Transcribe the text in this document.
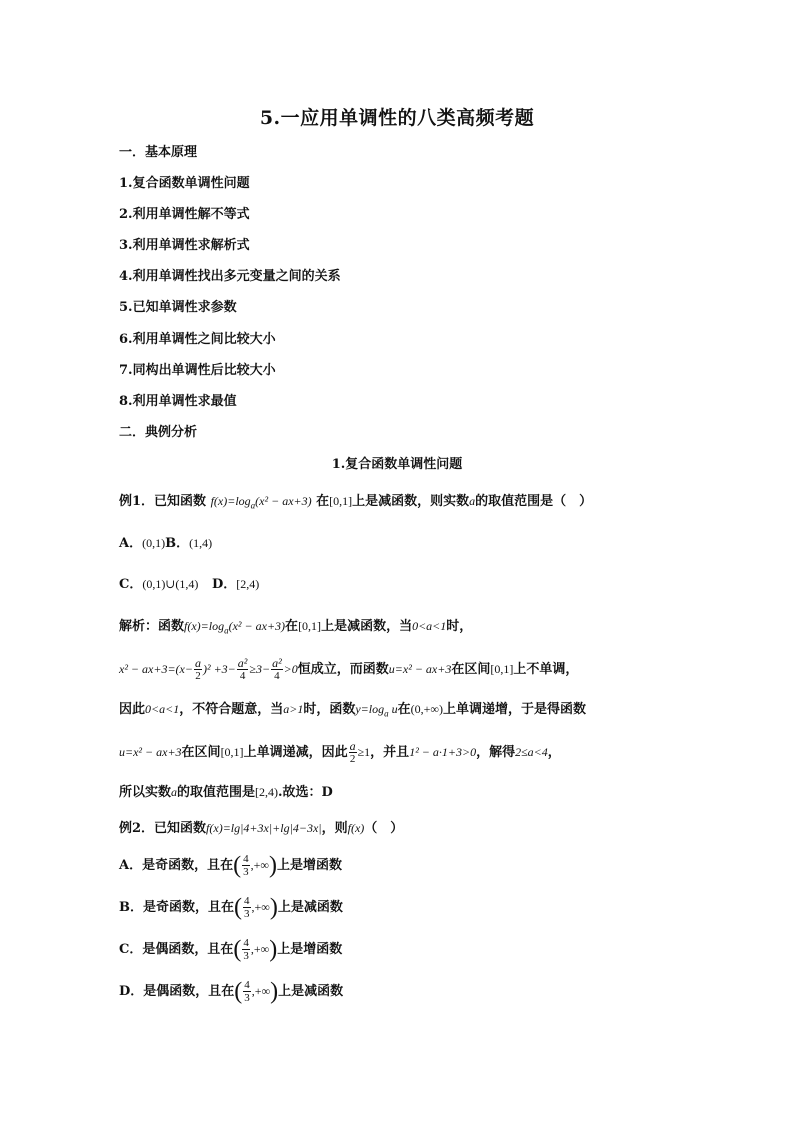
5.一应用单调性的八类高频考题
一．基本原理
1.复合函数单调性问题
2.利用单调性解不等式
3.利用单调性求解析式
4.利用单调性找出多元变量之间的关系
5.已知单调性求参数
6.利用单调性之间比较大小
7.同构出单调性后比较大小
8.利用单调性求最值
二．典例分析
1.复合函数单调性问题
例1．已知函数 $f(x)=\log_a(x^2 - ax+3)$ 在[0,1]上是减函数，则实数a的取值范围是（　）
A．(0,1)B．(1,4)
C．(0,1)∪(1,4) D．[2,4)
解析：函数$f(x)=\log_a(x^2 - ax+3)$在[0,1]上是减函数，当0<a<1时，
$x^2 - ax+3=(x- \frac{a}{2} )^2 +3- \frac{\text{a²}}{4} \ge 3- \frac{\text{a²}}{4} >0$恒成立，而函数u=x² − ax+3在区间[0,1]上不单调，
因此0<a<1，不符合题意，当a>1时，函数$y=\log_a$ u在(0,+∞)上单调递增，于是得函数
u=x² − ax+3在区间[0,1]上单调递减，因此 $\frac{a}{2} \ge 1$，并且1² − a·1+3>0，解得2≤a<4，
所以实数a的取值范围是[2,4).故选：D
例2．已知函数f(x)=lg|4+3x|+lg|4−3x|，则f(x)（　）
A．是奇函数，且在( $\frac{4}{3}$ ,+∞)上是增函数
B．是奇函数，且在( $\frac{4}{3}$ ,+∞)上是减函数
C．是偶函数，且在( $\frac{4}{3}$ ,+∞)上是增函数
D．是偶函数，且在( $\frac{4}{3}$ ,+∞)上是减函数
